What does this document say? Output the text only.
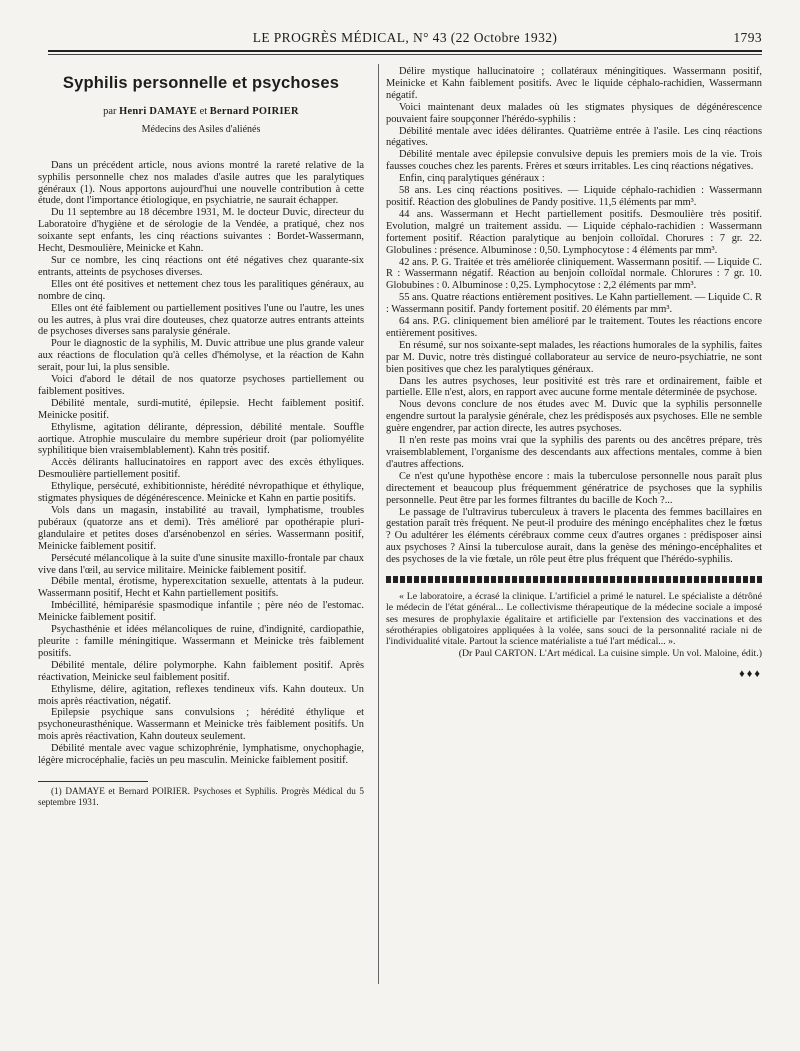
LE PROGRÈS MÉDICAL, N° 43 (22 Octobre 1932)	1793
Syphilis personnelle et psychoses
par Henri DAMAYE et Bernard POIRIER
Médecins des Asiles d'aliénés

Dans un précédent article, nous avions montré la rareté relative de la syphilis personnelle chez nos malades d'asile autres que les paralytiques généraux (1). Nous apportons aujourd'hui une nouvelle contribution à cette étude, dont l'importance étiologique, en psychiatrie, ne saurait échapper.

Du 11 septembre au 18 décembre 1931, M. le docteur Duvic, directeur du Laboratoire d'hygiène et de sérologie de la Vendée, a pratiqué, chez nos soixante sept enfants, les cinq réactions suivantes : Bordet-Wassermann, Hecht, Desmoulière, Meinicke et Kahn.

Sur ce nombre, les cinq réactions ont été négatives chez quarante-six entrants, atteints de psychoses diverses.

Elles ont été positives et nettement chez tous les paralitiques généraux, au nombre de cinq.

Elles ont été faiblement ou partiellement positives l'une ou l'autre, les unes ou les autres, à plus vrai dire douteuses, chez quatorze autres entrants atteints de psychoses diverses sans paralysie générale.

Pour le diagnostic de la syphilis, M. Duvic attribue une plus grande valeur aux réactions de floculation qu'à celles d'hémolyse, et la réaction de Kahn serait, pour lui, la plus sensible.

Voici d'abord le détail de nos quatorze psychoses partiellement ou faiblement positives.

Débilité mentale, surdi-mutité, épilepsie. Hecht faiblement positif. Meinicke positif.

Ethylisme, agitation délirante, dépression, débilité mentale. Souffle aortique. Atrophie musculaire du membre supérieur droit (par poliomyélite syphilitique bien vraisemblablement). Kahn très positif.

Accès délirants hallucinatoires en rapport avec des excès éthyliques. Desmoulière partiellement positif.

Ethylique, persécuté, exhibitionniste, hérédité névropathique et éthylique, stigmates physiques de dégénérescence. Meinicke et Kahn en partie positifs.

Vols dans un magasin, instabilité au travail, lymphatisme, troubles pubéraux (quatorze ans et demi). Très amélioré par opothérapie pluri-glandulaire et petites doses d'arsénobenzol en séries. Wassermann positif, Meinicke faiblement positif.

Persécuté mélancolique à la suite d'une sinusite maxillo-frontale par chaux vive dans l'œil, au service militaire. Meinicke faiblement positif.

Débile mental, érotisme, hyperexcitation sexuelle, attentats à la pudeur. Wassermann positif, Hecht et Kahn partiellement positifs.

Imbécillité, hémiparésie spasmodique infantile ; père néo de l'estomac. Meinicke faiblement positif.

Psychasthénie et idées mélancoliques de ruine, d'indignité, cardiopathie, pleurite : famille méningitique. Wassermann et Meinicke très faiblement positifs.

Débilité mentale, délire polymorphe. Kahn faiblement positif. Après réactivation, Meinicke seul faiblement positif.

Ethylisme, délire, agitation, reflexes tendineux vifs. Kahn douteux. Un mois après réactivation, négatif.

Epilepsie psychique sans convulsions ; hérédité éthylique et psychoneurasthénique. Wassermann et Meinicke très faiblement positifs. Un mois après réactivation, Kahn douteux seulement.

Débilité mentale avec vague schizophrénie, lymphatisme, onychophagie, légère microcéphalie, faciès un peu masculin. Meinicke faiblement positif.

(1) DAMAYE et Bernard POIRIER. Psychoses et Syphilis. Progrès Médical du 5 septembre 1931.

Délire mystique hallucinatoire ; collatéraux méningitiques. Wassermann positif, Meinicke et Kahn faiblement positifs. Avec le liquide céphalo-rachidien, Wassermann négatif.

Voici maintenant deux malades où les stigmates physiques de dégénérescence pouvaient faire soupçonner l'hérédo-syphilis :

Débilité mentale avec idées délirantes. Quatrième entrée à l'asile. Les cinq réactions négatives.

Débilité mentale avec épilepsie convulsive depuis les premiers mois de la vie. Trois fausses couches chez les parents. Frères et sœurs irritables. Les cinq réactions négatives.

Enfin, cinq paralytiques généraux :

58 ans. Les cinq réactions positives. — Liquide céphalo-rachidien : Wassermann positif. Réaction des globulines de Pandy positive. 11,5 éléments par mm³.

44 ans. Wassermann et Hecht partiellement positifs. Desmoulière très positif. Evolution, malgré un traitement assidu. — Liquide céphalo-rachidien : Wassermann fortement positif. Réaction paralytique au benjoin colloïdal. Chorures : 7 gr. 22. Globulines : présence. Albuminose : 0,50. Lymphocytose : 4 éléments par mm³.

42 ans. P. G. Traitée et très améliorée cliniquement. Wassermann positif. — Liquide C. R : Wassermann négatif. Réaction au benjoin colloïdal normale. Chlorures : 7 gr. 10. Globubines : 0. Albuminose : 0,25. Lymphocytose : 2,2 éléments par mm³.

55 ans. Quatre réactions entièrement positives. Le Kahn partiellement. — Liquide C. R : Wassermann positif. Pandy fortement positif. 20 éléments par mm³.

64 ans. P.G. cliniquement bien amélioré par le traitement. Toutes les réactions encore entièrement positives.

En résumé, sur nos soixante-sept malades, les réactions humorales de la syphilis, faites par M. Duvic, notre très distingué collaborateur au service de neuro-psychiatrie, ne sont bien positives que chez les paralytiques généraux.

Dans les autres psychoses, leur positivité est très rare et ordinairement, faible et partielle. Elle n'est, alors, en rapport avec aucune forme mentale déterminée de psychose.

Nous devons conclure de nos études avec M. Duvic que la syphilis personnelle engendre surtout la paralysie générale, chez les prédisposés aux psychoses. Elle ne semble guère engendrer, par action directe, les autres psychoses.

Il n'en reste pas moins vrai que la syphilis des parents ou des ancêtres prépare, très vraisemblablement, l'organisme des descendants aux affections mentales, comme à bien d'autres affections.

Ce n'est qu'une hypothèse encore : mais la tuberculose personnelle nous paraît plus directement et beaucoup plus fréquemment génératrice de psychoses que la syphilis personnelle. Peut être par les formes filtrantes du bacille de Koch ?...

Le passage de l'ultravirus tuberculeux à travers le placenta des femmes bacillaires en gestation paraît très fréquent. Ne peut-il produire des méningo encéphalites chez le fœtus ? Ou adultérer les éléments cérébraux comme ceux d'autres organes : prédisposer ainsi aux psychoses ? Ainsi la tuberculose aurait, dans la genèse des méningo-encéphalites et des psychoses de la vie fœtale, un rôle peut être plus fréquent que l'hérédo-syphilis.

« Le laboratoire, a écrasé la clinique. L'artificiel a primé le naturel. Le spécialiste a détrôné le médecin de l'état général... Le collectivisme thérapeutique de la médecine sociale a imposé ses mesures de prophylaxie égalitaire et artificielle par l'extension des vaccinations et des sérothérapies obligatoires appliquées à la volée, sans souci de la personnalité raciale ni de l'individualité vitale. Partout la science matérialiste a tué l'art médical... ».

(Dr Paul CARTON. L'Art médical. La cuisine simple. Un vol. Maloine, édit.)

♦♦♦
